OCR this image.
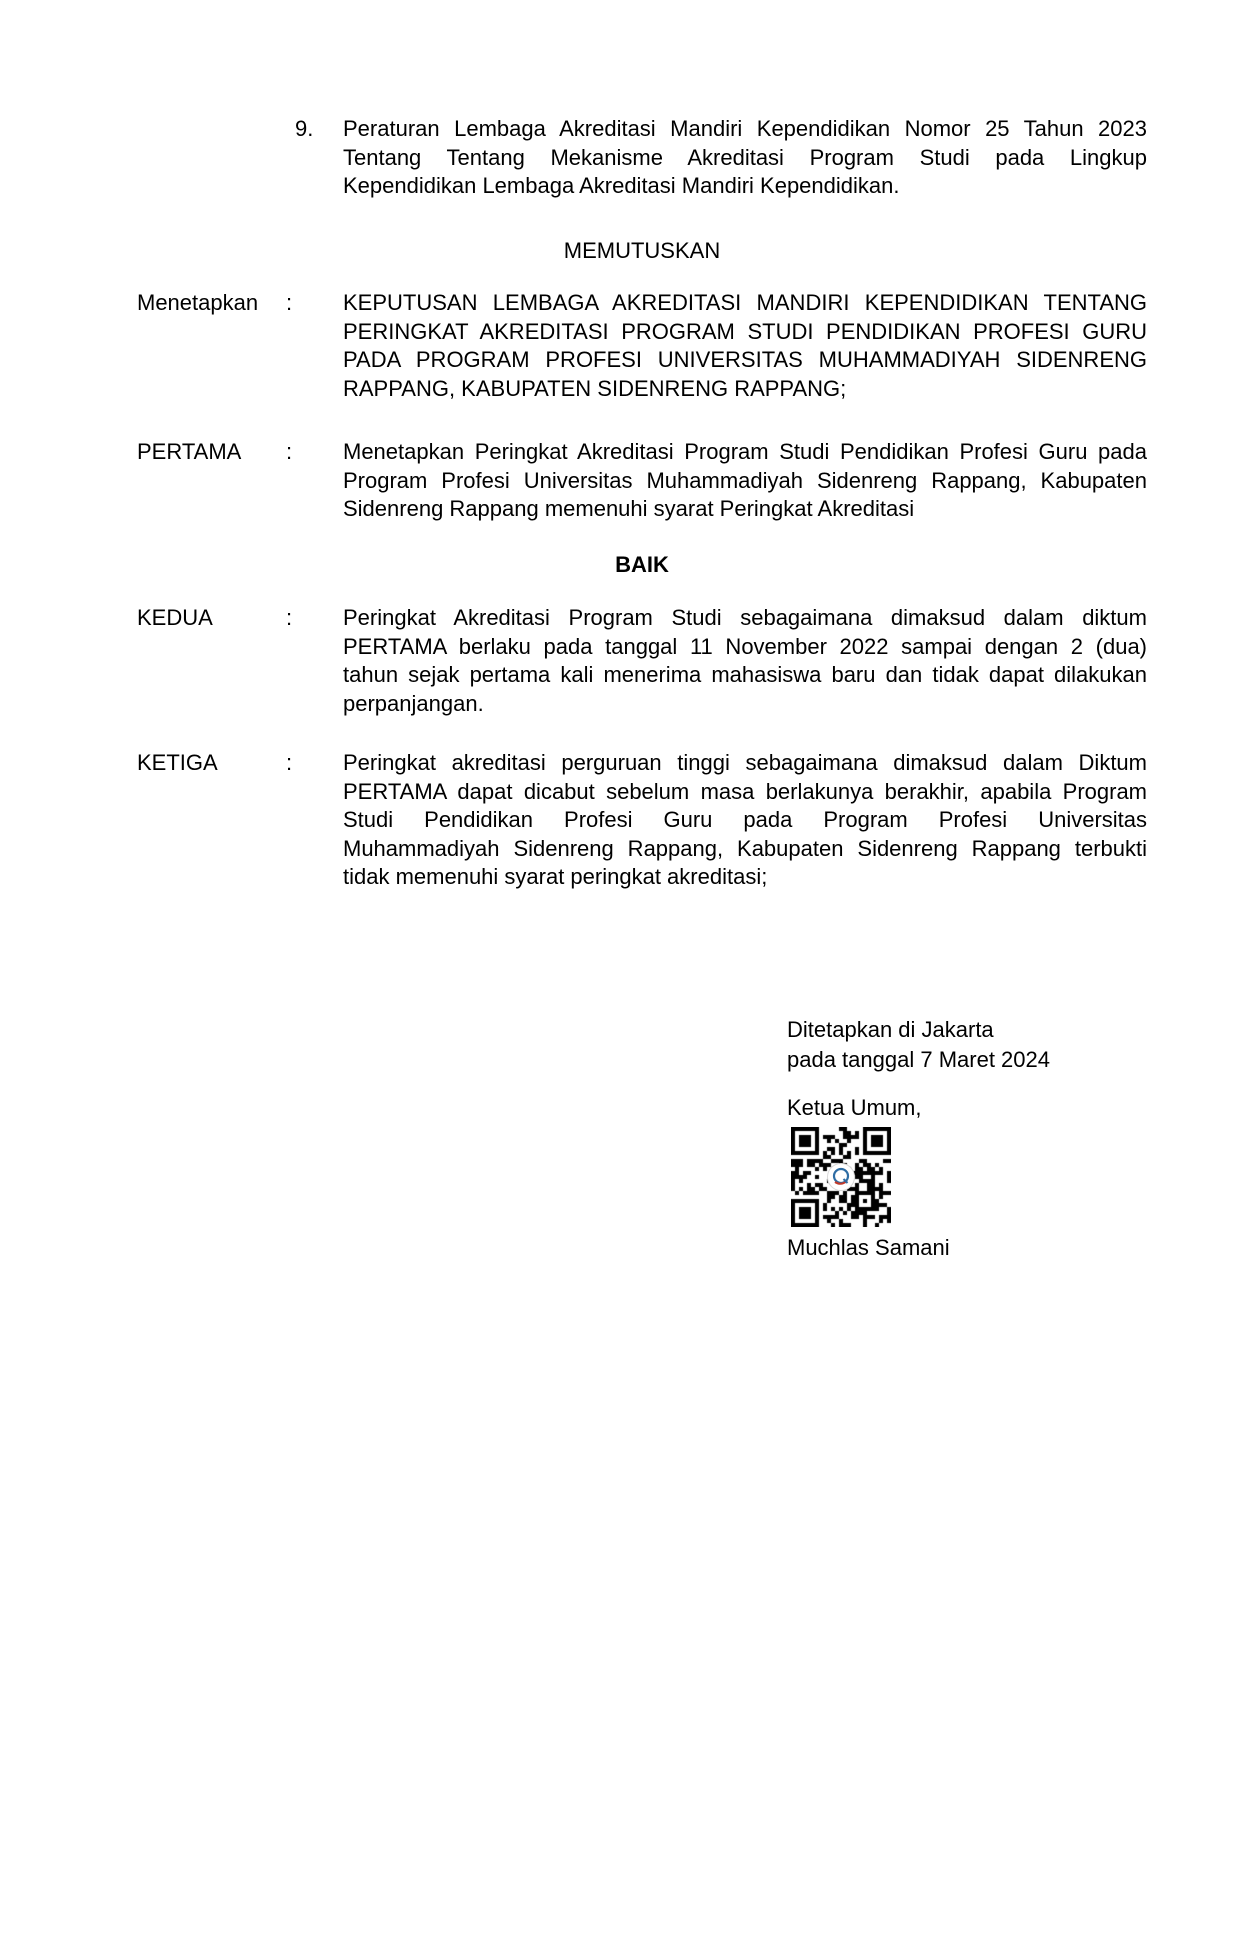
9.	Peraturan Lembaga Akreditasi Mandiri Kependidikan Nomor 25 Tahun 2023
Tentang Tentang Mekanisme Akreditasi Program Studi pada Lingkup
Kependidikan Lembaga Akreditasi Mandiri Kependidikan.
MEMUTUSKAN
Menetapkan	:	KEPUTUSAN LEMBAGA AKREDITASI MANDIRI KEPENDIDIKAN TENTANG
PERINGKAT AKREDITASI PROGRAM STUDI PENDIDIKAN PROFESI GURU
PADA PROGRAM PROFESI UNIVERSITAS MUHAMMADIYAH SIDENRENG
RAPPANG, KABUPATEN SIDENRENG RAPPANG;
PERTAMA	:	Menetapkan Peringkat Akreditasi Program Studi Pendidikan Profesi Guru pada
Program Profesi Universitas Muhammadiyah Sidenreng Rappang, Kabupaten
Sidenreng Rappang memenuhi syarat Peringkat Akreditasi
BAIK
KEDUA	:	Peringkat Akreditasi Program Studi sebagaimana dimaksud dalam diktum
PERTAMA berlaku pada tanggal 11 November 2022 sampai dengan 2 (dua)
tahun sejak pertama kali menerima mahasiswa baru dan tidak dapat dilakukan
perpanjangan.
KETIGA	:	Peringkat akreditasi perguruan tinggi sebagaimana dimaksud dalam Diktum
PERTAMA dapat dicabut sebelum masa berlakunya berakhir, apabila Program
Studi Pendidikan Profesi Guru pada Program Profesi Universitas
Muhammadiyah Sidenreng Rappang, Kabupaten Sidenreng Rappang terbukti
tidak memenuhi syarat peringkat akreditasi;
Ditetapkan di Jakarta
pada tanggal 7 Maret 2024
Ketua Umum,
Muchlas Samani
